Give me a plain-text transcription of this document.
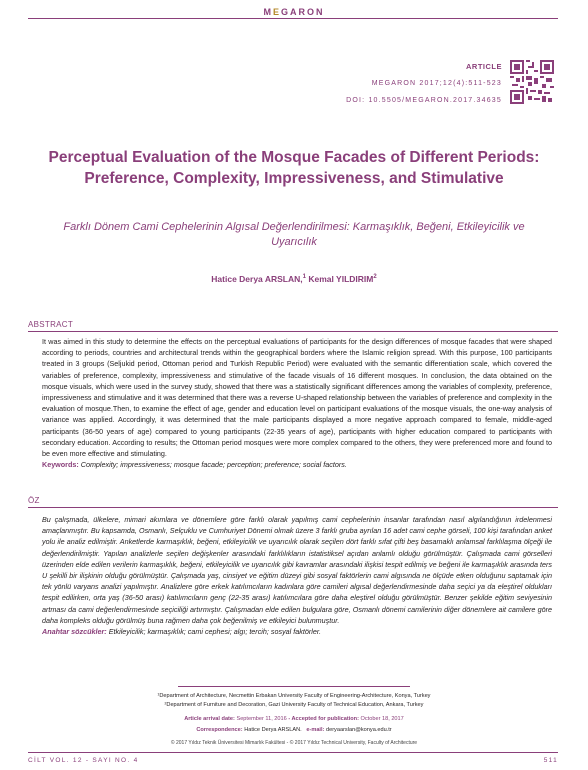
MEGARON
ARTICLE
MEGARON 2017;12(4):511-523
DOI: 10.5505/MEGARON.2017.34635
Perceptual Evaluation of the Mosque Facades of Different Periods: Preference, Complexity, Impressiveness, and Stimulative
Farklı Dönem Cami Cephelerinin Algısal Değerlendirilmesi: Karmaşıklık, Beğeni, Etkileyicilik ve Uyarıcılık
Hatice Derya ARSLAN,$^1$ Kemal YILDIRIM$^2$
ABSTRACT
It was aimed in this study to determine the effects on the perceptual evaluations of participants for the design differences of mosque facades that were shaped according to periods, countries and architectural trends within the geographical borders where the Islamic religion spread. With this purpose, 100 participants treated in 3 groups (Seljukid period, Ottoman period and Turkish Republic Period) were evaluated with the semantic differentiation scale, which covered the variables of preference, complexity, impressiveness and stimulative of the facade visuals of 16 different mosques. In conclusion, the data obtained on the mosque visuals, which were used in the survey study, showed that there was a statistically significant differences among the variables of complexity, preference, impressiveness and stimulative and it was determined that there was a reverse U-shaped relationship between the variables of preference and complexity in the evaluation of mosque.Then, to examine the effect of age, gender and education level on participant evaluations of the mosque visuals, the one-way analysis of variance was applied. Accordingly, it was determined that the male participants displayed a more negative approach compared to female, middle-aged participants (36-50 years of age) compared to young participants (22-35 years of age), participants with higher education compared to participants with secondary education. According to results; the Ottoman period mosques were more complex compared to the others, they were preferenced more and found to be even more effective and stimulating.
Keywords: Complexity; impressiveness; mosque facade; perception; preference; social factors.
ÖZ
Bu çalışmada, ülkelere, mimari akımlara ve dönemlere göre farklı olarak yapılmış cami cephelerinin insanlar tarafından nasıl algılandığının irdelenmesi amaçlanmıştır. Bu kapsamda, Osmanlı, Selçuklu ve Cumhuriyet Dönemi olmak üzere 3 farklı gruba ayrılan 16 adet cami cephe görseli, 100 kişi tarafından anket yolu ile analiz edilmiştir. Anketlerde karmaşıklık, beğeni, etkileyicilik ve uyarıcılık olarak seçilen dört farklı sıfat çifti beş basamaklı anlamsal farklılaşma ölçeği ile değerlendirilmiştir. Yapılan analizlerle seçilen değişkenler arasındaki farklılıkların istatistiksel açıdan anlamlı olduğu görülmüştür. Çalışmada cami görselleri üzerinden elde edilen verilerin karmaşıklık, beğeni, etkileyicilik ve uyarıcılık gibi kavramlar arasındaki ilişkisi tespit edilmiş ve beğeni ile karmaşıklık arasında ters U şekilli bir ilişkinin olduğu görülmüştür. Çalışmada yaş, cinsiyet ve eğitim düzeyi gibi sosyal faktörlerin cami algısında ne ölçüde etken olduğunu saptamak için tek yönlü varyans analizi yapılmıştır. Analizlere göre erkek katılımcıların kadınlara göre camileri algısal değerlendirmesinde daha seçici ya da eleştirel oldukları tespit edilirken, orta yaş (36-50 arası) katılımcıların genç (22-35 arası) katılımcılara göre daha eleştirel olduğu görülmüştür. Benzer şekilde eğitim seviyesinin artması da cami değerlendirmesinde seçiciliği artırmıştır. Çalışmadan elde edilen bulgulara göre, Osmanlı dönemi camilerinin diğer dönemlere ait camilere göre daha kompleks olduğu görülmüş buna rağmen daha çok beğenilmiş ve etkileyici bulunmuştur.
Anahtar sözcükler: Etkileyicilik; karmaşıklık; cami cephesi; algı; tercih; sosyal faktörler.
¹Department of Architecture, Necmettin Erbakan University Faculty of Engineering-Architecture, Konya, Turkey
²Department of Furniture and Decoration, Gazi University Faculty of Technical Education, Ankara, Turkey
Article arrival date: September 11, 2016 - Accepted for publication: October 18, 2017
Correspondence: Hatice Derya ARSLAN. e-mail: deryaarslan@konya.edu.tr
© 2017 Yıldız Teknik Üniversitesi Mimarlık Fakültesi - © 2017 Yıldız Technical University, Faculty of Architecture
CİLT VOL. 12 - SAYI NO. 4	511
